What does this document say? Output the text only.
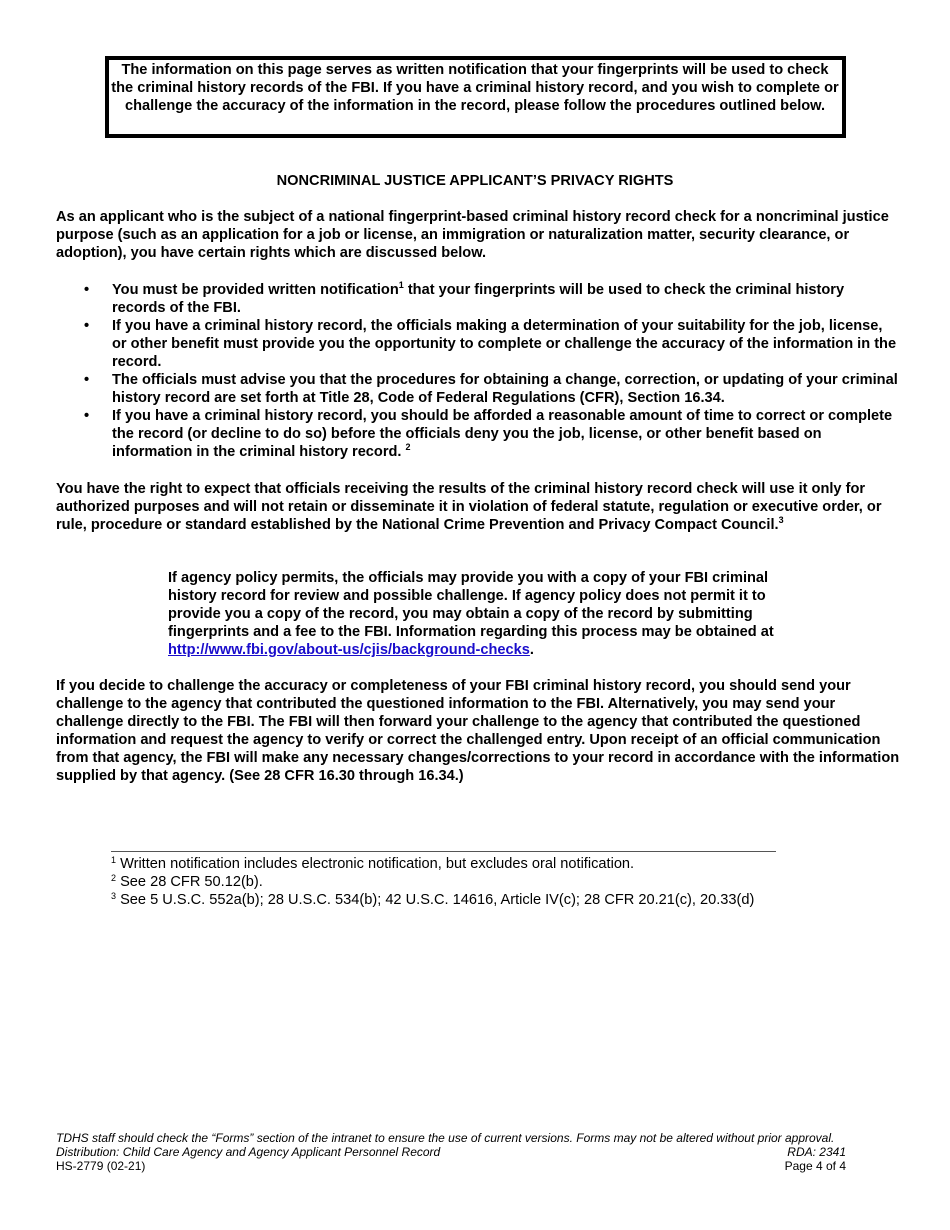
The information on this page serves as written notification that your fingerprints will be used to check the criminal history records of the FBI. If you have a criminal history record, and you wish to complete or challenge the accuracy of the information in the record, please follow the procedures outlined below.
NONCRIMINAL JUSTICE APPLICANT’S PRIVACY RIGHTS
As an applicant who is the subject of a national fingerprint-based criminal history record check for a noncriminal justice purpose (such as an application for a job or license, an immigration or naturalization matter, security clearance, or adoption), you have certain rights which are discussed below.
• You must be provided written notification$^1$ that your fingerprints will be used to check the criminal history records of the FBI.
• If you have a criminal history record, the officials making a determination of your suitability for the job, license, or other benefit must provide you the opportunity to complete or challenge the accuracy of the information in the record.
• The officials must advise you that the procedures for obtaining a change, correction, or updating of your criminal history record are set forth at Title 28, Code of Federal Regulations (CFR), Section 16.34.
• If you have a criminal history record, you should be afforded a reasonable amount of time to correct or complete the record (or decline to do so) before the officials deny you the job, license, or other benefit based on information in the criminal history record. $^2$
You have the right to expect that officials receiving the results of the criminal history record check will use it only for authorized purposes and will not retain or disseminate it in violation of federal statute, regulation or executive order, or rule, procedure or standard established by the National Crime Prevention and Privacy Compact Council.$^3$
If agency policy permits, the officials may provide you with a copy of your FBI criminal history record for review and possible challenge. If agency policy does not permit it to provide you a copy of the record, you may obtain a copy of the record by submitting fingerprints and a fee to the FBI. Information regarding this process may be obtained at http://www.fbi.gov/about-us/cjis/background-checks.
If you decide to challenge the accuracy or completeness of your FBI criminal history record, you should send your challenge to the agency that contributed the questioned information to the FBI. Alternatively, you may send your challenge directly to the FBI. The FBI will then forward your challenge to the agency that contributed the questioned information and request the agency to verify or correct the challenged entry. Upon receipt of an official communication from that agency, the FBI will make any necessary changes/corrections to your record in accordance with the information supplied by that agency. (See 28 CFR 16.30 through 16.34.)
$^1$ Written notification includes electronic notification, but excludes oral notification.
$^2$ See 28 CFR 50.12(b).
$^3$ See 5 U.S.C. 552a(b); 28 U.S.C. 534(b); 42 U.S.C. 14616, Article IV(c); 28 CFR 20.21(c), 20.33(d)
TDHS staff should check the “Forms” section of the intranet to ensure the use of current versions. Forms may not be altered without prior approval.
Distribution: Child Care Agency and Agency Applicant Personnel Record	RDA: 2341
HS-2779 (02-21)	Page 4 of 4
